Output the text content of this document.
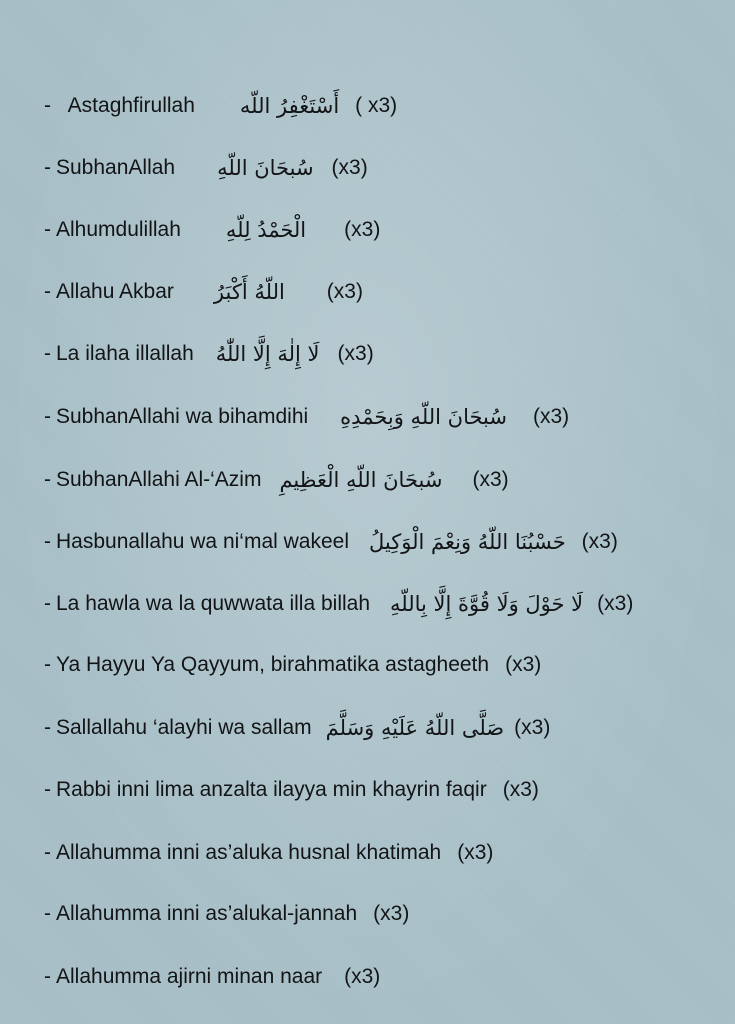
- Astaghfirullah أَسْتَغْفِرُ اللّه ( x3)
- SubhanAllah سُبحَانَ اللّهِ (x3)
- Alhumdulillah الْحَمْدُ لِلّهِ (x3)
- Allahu Akbar اللّهُ أَكْبَرُ (x3)
- La ilaha illallah لَا إِلٰهَ إِلَّا اللّٰهُ (x3)
- SubhanAllahi wa bihamdihi سُبحَانَ اللّهِ وَبِحَمْدِهِ (x3)
- SubhanAllahi Al-‘Azim سُبحَانَ اللّهِ الْعَظِيمِ (x3)
- Hasbunallahu wa ni‘mal wakeel حَسْبُنَا اللّهُ وَنِعْمَ الْوَكِيلُ (x3)
- La hawla wa la quwwata illa billah لَا حَوْلَ وَلَا قُوَّةَ إِلَّا بِاللّهِ (x3)
- Ya Hayyu Ya Qayyum, birahmatika astagheeth (x3)
- Sallallahu ‘alayhi wa sallam صَلَّى اللّهُ عَلَيْهِ وَسَلَّمَ (x3)
- Rabbi inni lima anzalta ilayya min khayrin faqir (x3)
- Allahumma inni as’aluka husnal khatimah (x3)
- Allahumma inni as’alukal-jannah (x3)
- Allahumma ajirni minan naar (x3)
